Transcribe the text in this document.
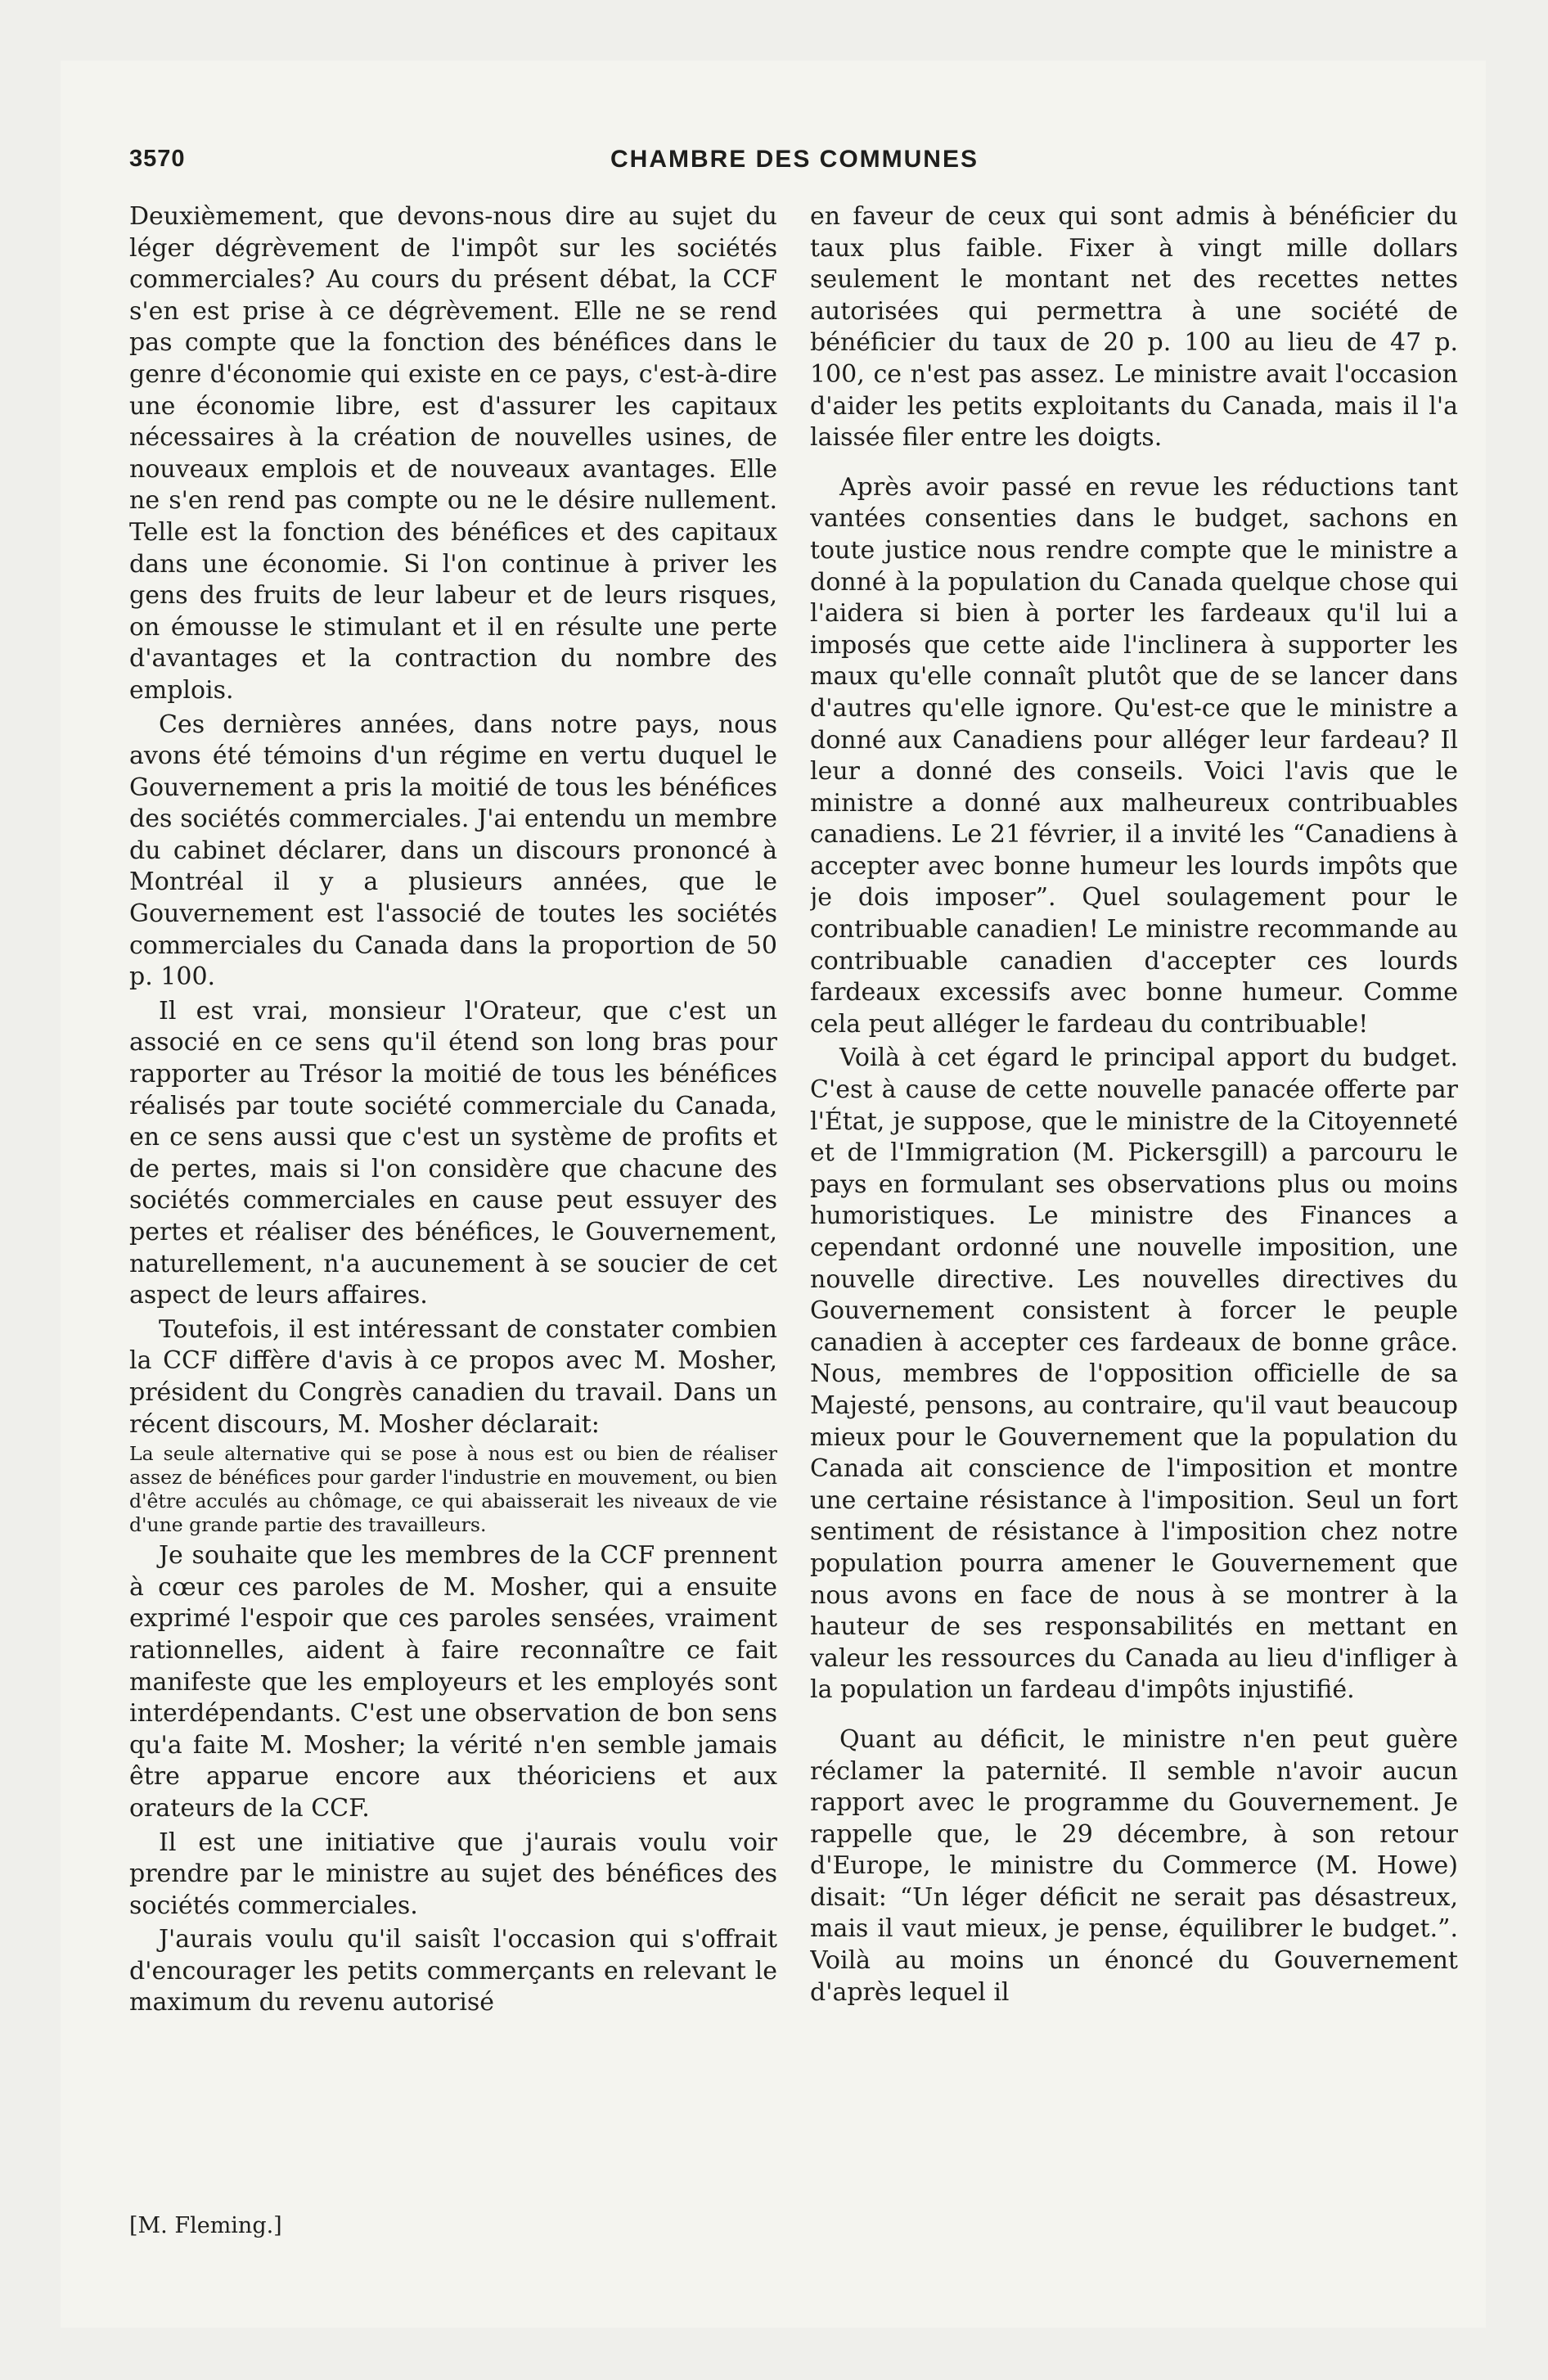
3570	CHAMBRE DES COMMUNES

Deuxièmement, que devons-nous dire au sujet du léger dégrèvement de l'impôt sur les sociétés commerciales? Au cours du présent débat, la CCF s'en est prise à ce dégrèvement. Elle ne se rend pas compte que la fonction des bénéfices dans le genre d'économie qui existe en ce pays, c'est-à-dire une économie libre, est d'assurer les capitaux nécessaires à la création de nouvelles usines, de nouveaux emplois et de nouveaux avantages. Elle ne s'en rend pas compte ou ne le désire nullement. Telle est la fonction des bénéfices et des capitaux dans une économie. Si l'on continue à priver les gens des fruits de leur labeur et de leurs risques, on émousse le stimulant et il en résulte une perte d'avantages et la contraction du nombre des emplois.

Ces dernières années, dans notre pays, nous avons été témoins d'un régime en vertu duquel le Gouvernement a pris la moitié de tous les bénéfices des sociétés commerciales. J'ai entendu un membre du cabinet déclarer, dans un discours prononcé à Montréal il y a plusieurs années, que le Gouvernement est l'associé de toutes les sociétés commerciales du Canada dans la proportion de 50 p. 100.

Il est vrai, monsieur l'Orateur, que c'est un associé en ce sens qu'il étend son long bras pour rapporter au Trésor la moitié de tous les bénéfices réalisés par toute société commerciale du Canada, en ce sens aussi que c'est un système de profits et de pertes, mais si l'on considère que chacune des sociétés commerciales en cause peut essuyer des pertes et réaliser des bénéfices, le Gouvernement, naturellement, n'a aucunement à se soucier de cet aspect de leurs affaires.

Toutefois, il est intéressant de constater combien la CCF diffère d'avis à ce propos avec M. Mosher, président du Congrès canadien du travail. Dans un récent discours, M. Mosher déclarait:

La seule alternative qui se pose à nous est ou bien de réaliser assez de bénéfices pour garder l'industrie en mouvement, ou bien d'être acculés au chômage, ce qui abaisserait les niveaux de vie d'une grande partie des travailleurs.

Je souhaite que les membres de la CCF prennent à cœur ces paroles de M. Mosher, qui a ensuite exprimé l'espoir que ces paroles sensées, vraiment rationnelles, aident à faire reconnaître ce fait manifeste que les employeurs et les employés sont interdépendants. C'est une observation de bon sens qu'a faite M. Mosher; la vérité n'en semble jamais être apparue encore aux théoriciens et aux orateurs de la CCF.

Il est une initiative que j'aurais voulu voir prendre par le ministre au sujet des bénéfices des sociétés commerciales.

J'aurais voulu qu'il saisît l'occasion qui s'offrait d'encourager les petits commerçants en relevant le maximum du revenu autorisé

en faveur de ceux qui sont admis à bénéficier du taux plus faible. Fixer à vingt mille dollars seulement le montant net des recettes nettes autorisées qui permettra à une société de bénéficier du taux de 20 p. 100 au lieu de 47 p. 100, ce n'est pas assez. Le ministre avait l'occasion d'aider les petits exploitants du Canada, mais il l'a laissée filer entre les doigts.

Après avoir passé en revue les réductions tant vantées consenties dans le budget, sachons en toute justice nous rendre compte que le ministre a donné à la population du Canada quelque chose qui l'aidera si bien à porter les fardeaux qu'il lui a imposés que cette aide l'inclinera à supporter les maux qu'elle connaît plutôt que de se lancer dans d'autres qu'elle ignore. Qu'est-ce que le ministre a donné aux Canadiens pour alléger leur fardeau? Il leur a donné des conseils. Voici l'avis que le ministre a donné aux malheureux contribuables canadiens. Le 21 février, il a invité les “Canadiens à accepter avec bonne humeur les lourds impôts que je dois imposer”. Quel soulagement pour le contribuable canadien! Le ministre recommande au contribuable canadien d'accepter ces lourds fardeaux excessifs avec bonne humeur. Comme cela peut alléger le fardeau du contribuable!

Voilà à cet égard le principal apport du budget. C'est à cause de cette nouvelle panacée offerte par l'État, je suppose, que le ministre de la Citoyenneté et de l'Immigration (M. Pickersgill) a parcouru le pays en formulant ses observations plus ou moins humoristiques. Le ministre des Finances a cependant ordonné une nouvelle imposition, une nouvelle directive. Les nouvelles directives du Gouvernement consistent à forcer le peuple canadien à accepter ces fardeaux de bonne grâce. Nous, membres de l'opposition officielle de sa Majesté, pensons, au contraire, qu'il vaut beaucoup mieux pour le Gouvernement que la population du Canada ait conscience de l'imposition et montre une certaine résistance à l'imposition. Seul un fort sentiment de résistance à l'imposition chez notre population pourra amener le Gouvernement que nous avons en face de nous à se montrer à la hauteur de ses responsabilités en mettant en valeur les ressources du Canada au lieu d'infliger à la population un fardeau d'impôts injustifié.

Quant au déficit, le ministre n'en peut guère réclamer la paternité. Il semble n'avoir aucun rapport avec le programme du Gouvernement. Je rappelle que, le 29 décembre, à son retour d'Europe, le ministre du Commerce (M. Howe) disait: “Un léger déficit ne serait pas désastreux, mais il vaut mieux, je pense, équilibrer le budget.”. Voilà au moins un énoncé du Gouvernement d'après lequel il

[M. Fleming.]
